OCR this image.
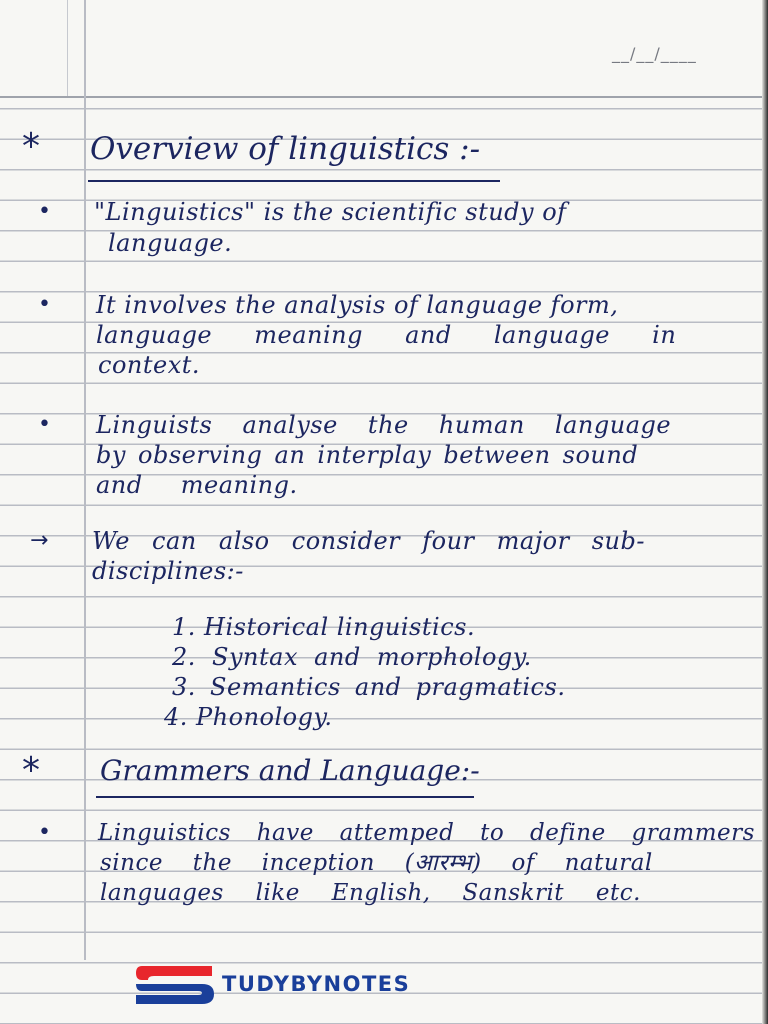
__/__/____
* Overview of linguistics :-
• "Linguistics" is the scientific study of
language.
• It involves the analysis of language form,
language meaning and language in
context.
• Linguists analyse the human language
by observing an interplay between sound
and meaning.
→ We can also consider four major sub-
disciplines:-
1. Historical linguistics.
2. Syntax and morphology.
3. Semantics and pragmatics.
4. Phonology.
* Grammers and Language:-
• Linguistics have attemped to define grammers
since the inception (आरम्भ) of natural
languages like English, Sanskrit etc.
TUDYBYNOTES
